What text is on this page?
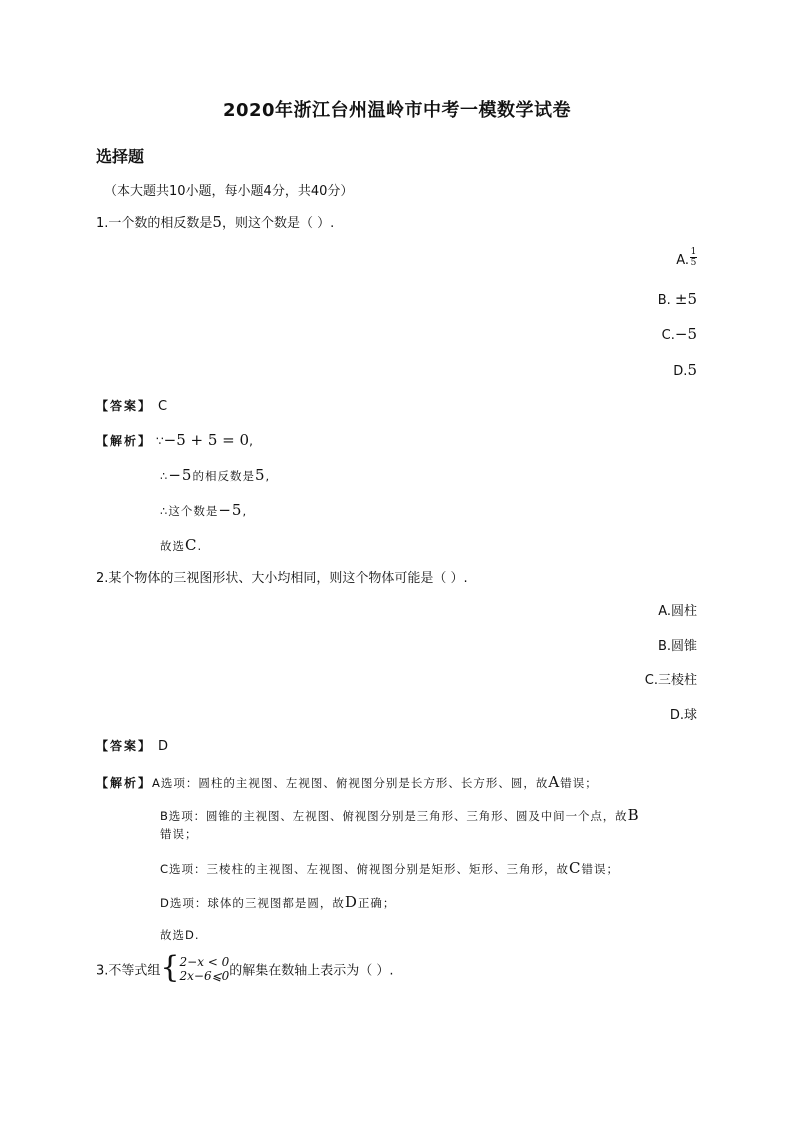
2020年浙江台州温岭市中考一模数学试卷
选择题
（本大题共10小题，每小题4分，共40分）
1.一个数的相反数是5，则这个数是（ ）.
A. $\frac{1}{5}$
B. ±5
C.−5
D.5
【答案】 C
【解析】 ∵−5 + 5 = 0,
∴−5的相反数是5,
∴这个数是−5,
故选C.
2.某个物体的三视图形状、大小均相同，则这个物体可能是（ ）.
A.圆柱
B.圆锥
C.三棱柱
D.球
【答案】 D
【解析】A选项：圆柱的主视图、左视图、俯视图分别是长方形、长方形、圆，故A错误；
B选项：圆锥的主视图、左视图、俯视图分别是三角形、三角形、圆及中间一个点，故B
错误；
C选项：三棱柱的主视图、左视图、俯视图分别是矩形、矩形、三角形，故C错误；
D选项：球体的三视图都是圆，故D正确；
故选D.
3.不等式组{ 2−x < 0
2x−6⩽0 的解集在数轴上表示为（ ）.
